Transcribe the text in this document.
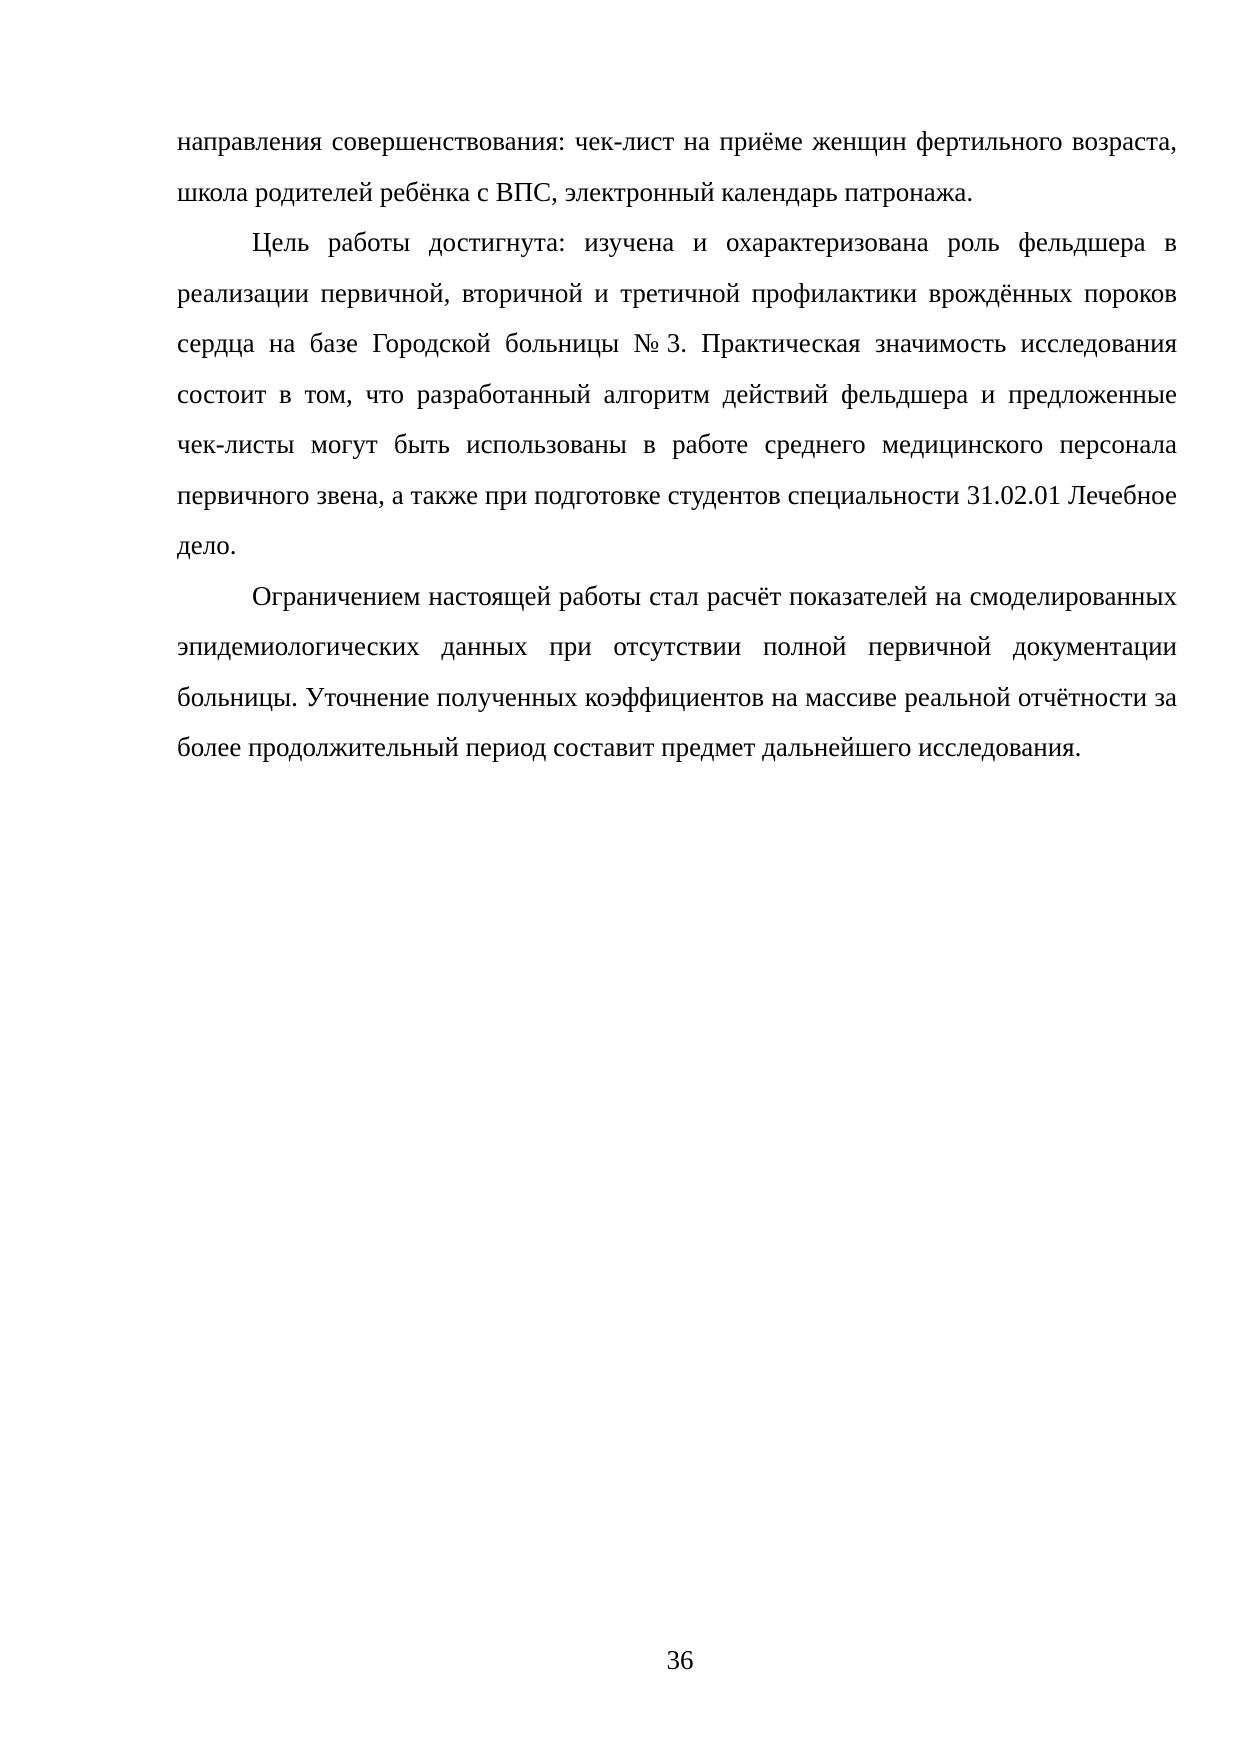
направления совершенствования: чек-лист на приёме женщин фертильного возраста, школа родителей ребёнка с ВПС, электронный календарь патронажа.

Цель работы достигнута: изучена и охарактеризована роль фельдшера в реализации первичной, вторичной и третичной профилактики врождённых пороков сердца на базе Городской больницы №3. Практическая значимость исследования состоит в том, что разработанный алгоритм действий фельдшера и предложенные чек-листы могут быть использованы в работе среднего медицинского персонала первичного звена, а также при подготовке студентов специальности 31.02.01 Лечебное дело.

Ограничением настоящей работы стал расчёт показателей на смоделированных эпидемиологических данных при отсутствии полной первичной документации больницы. Уточнение полученных коэффициентов на массиве реальной отчётности за более продолжительный период составит предмет дальнейшего исследования.

36
